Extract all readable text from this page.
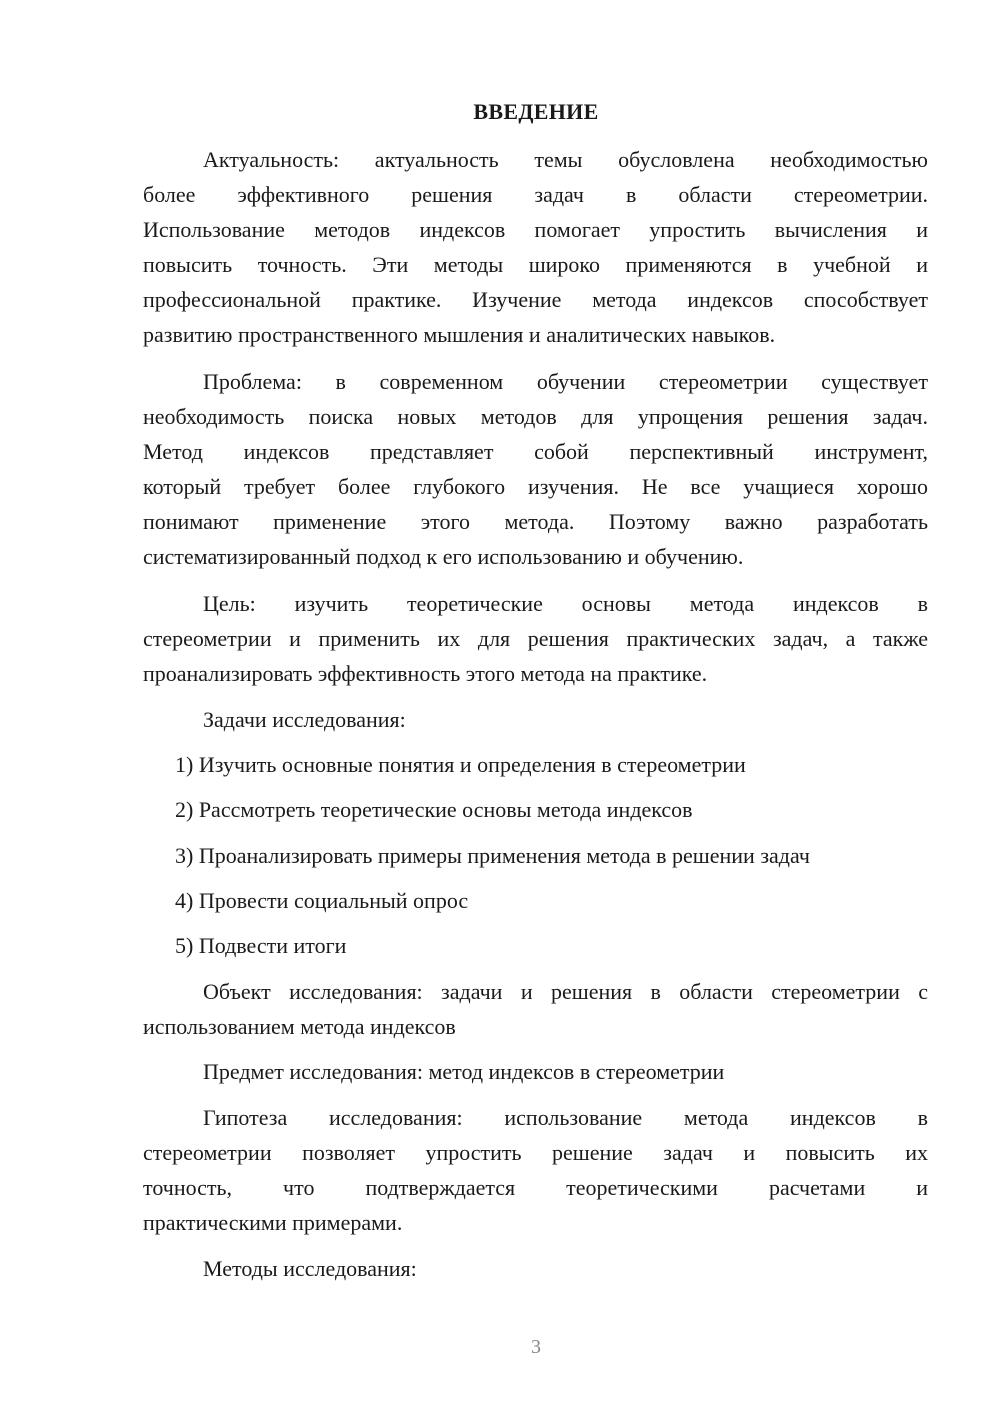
ВВЕДЕНИЕ
Актуальность: актуальность темы обусловлена необходимостью
более эффективного решения задач в области стереометрии.
Использование методов индексов помогает упростить вычисления и
повысить точность. Эти методы широко применяются в учебной и
профессиональной практике. Изучение метода индексов способствует
развитию пространственного мышления и аналитических навыков.
Проблема: в современном обучении стереометрии существует
необходимость поиска новых методов для упрощения решения задач.
Метод индексов представляет собой перспективный инструмент,
который требует более глубокого изучения. Не все учащиеся хорошо
понимают применение этого метода. Поэтому важно разработать
систематизированный подход к его использованию и обучению.
Цель: изучить теоретические основы метода индексов в
стереометрии и применить их для решения практических задач, а также
проанализировать эффективность этого метода на практике.
Задачи исследования:
1) Изучить основные понятия и определения в стереометрии
2) Рассмотреть теоретические основы метода индексов
3) Проанализировать примеры применения метода в решении задач
4) Провести социальный опрос
5) Подвести итоги
Объект исследования: задачи и решения в области стереометрии с
использованием метода индексов
Предмет исследования: метод индексов в стереометрии
Гипотеза исследования: использование метода индексов в
стереометрии позволяет упростить решение задач и повысить их
точность, что подтверждается теоретическими расчетами и
практическими примерами.
Методы исследования:
3
